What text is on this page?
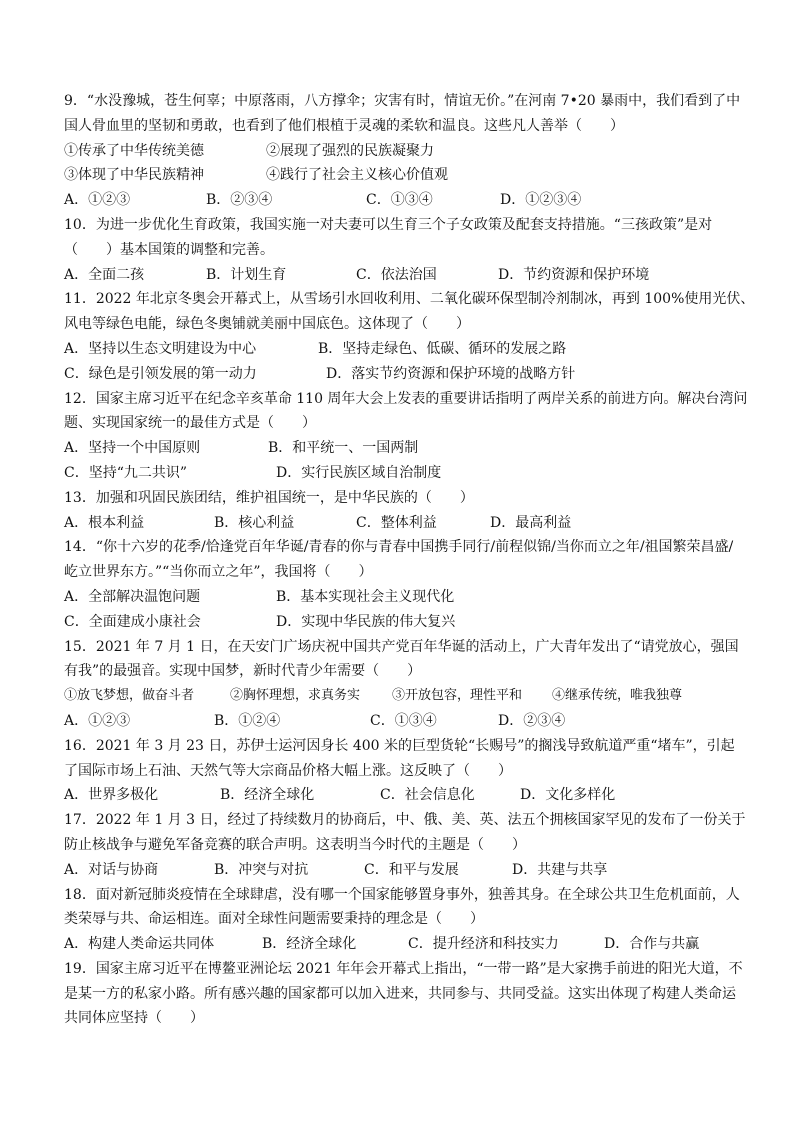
9．“水没豫城，苍生何辜；中原落雨，八方撑伞；灾害有时，情谊无价。”在河南 7•20 暴雨中，我们看到了中
国人骨血里的坚韧和勇敢，也看到了他们根植于灵魂的柔软和温良。这些凡人善举（　　）
①传承了中华传统美德	②展现了强烈的民族凝聚力
③体现了中华民族精神	④践行了社会主义核心价值观
A．①②③	B．②③④	C．①③④	D．①②③④
10．为进一步优化生育政策，我国实施一对夫妻可以生育三个子女政策及配套支持措施。“三孩政策”是对
（　　）基本国策的调整和完善。
A．全面二孩	B．计划生育	C．依法治国	D．节约资源和保护环境
11．2022 年北京冬奥会开幕式上，从雪场引水回收利用、二氧化碳环保型制冷剂制冰，再到 100%使用光伏、
风电等绿色电能，绿色冬奥铺就美丽中国底色。这体现了（　　）
A．坚持以生态文明建设为中心	B．坚持走绿色、低碳、循环的发展之路
C．绿色是引领发展的第一动力	D．落实节约资源和保护环境的战略方针
12．国家主席习近平在纪念辛亥革命 110 周年大会上发表的重要讲话指明了两岸关系的前进方向。解决台湾问
题、实现国家统一的最佳方式是（　　）
A．坚持一个中国原则	B．和平统一、一国两制
C．坚持“九二共识”	D．实行民族区域自治制度
13．加强和巩固民族团结，维护祖国统一，是中华民族的（　　）
A．根本利益	B．核心利益	C．整体利益	D．最高利益
14．“你十六岁的花季/恰逢党百年华诞/青春的你与青春中国携手同行/前程似锦/当你而立之年/祖国繁荣昌盛/
屹立世界东方。”“当你而立之年”，我国将（　　）
A．全部解决温饱问题	B．基本实现社会主义现代化
C．全面建成小康社会	D．实现中华民族的伟大复兴
15．2021 年 7 月 1 日，在天安门广场庆祝中国共产党百年华诞的活动上，广大青年发出了“请党放心，强国
有我”的最强音。实现中国梦，新时代青少年需要（　　）
①放飞梦想，做奋斗者	②胸怀理想，求真务实 ③开放包容，理性平和 ④继承传统，唯我独尊
A．①②③	B．①②④	C．①③④	D．②③④
16．2021 年 3 月 23 日，苏伊士运河因身长 400 米的巨型货轮“长赐号”的搁浅导致航道严重“堵车”，引起
了国际市场上石油、天然气等大宗商品价格大幅上涨。这反映了（　　）
A．世界多极化	B．经济全球化	C．社会信息化	D．文化多样化
17．2022 年 1 月 3 日，经过了持续数月的协商后，中、俄、美、英、法五个拥核国家罕见的发布了一份关于
防止核战争与避免军备竞赛的联合声明。这表明当今时代的主题是（　　）
A．对话与协商	B．冲突与对抗	C．和平与发展	D．共建与共享
18．面对新冠肺炎疫情在全球肆虐，没有哪一个国家能够置身事外，独善其身。在全球公共卫生危机面前，人
类荣辱与共、命运相连。面对全球性问题需要秉持的理念是（　　）
A．构建人类命运共同体	B．经济全球化	C．提升经济和科技实力	D．合作与共赢
19．国家主席习近平在博鳌亚洲论坛 2021 年年会开幕式上指出，“一带一路”是大家携手前进的阳光大道，不
是某一方的私家小路。所有感兴趣的国家都可以加入进来，共同参与、共同受益。这实出体现了构建人类命运
共同体应坚持（　　）
